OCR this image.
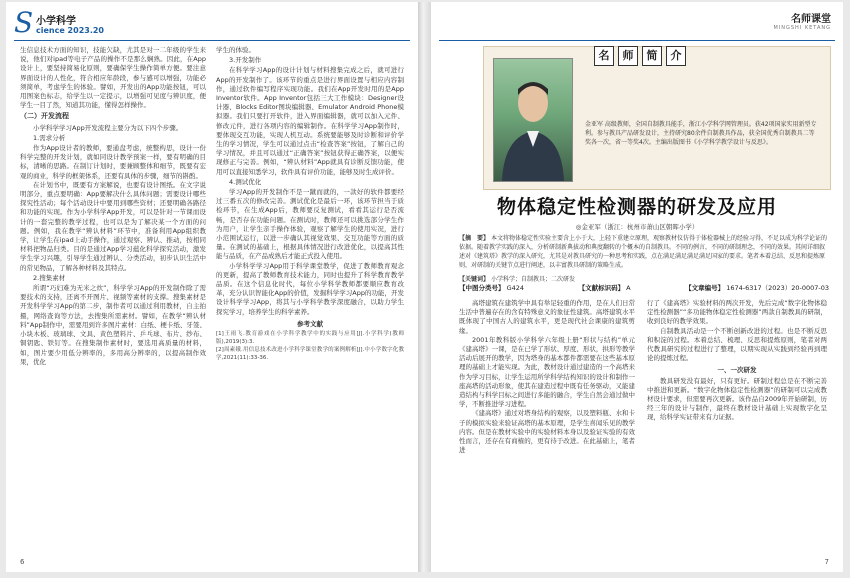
S 小学科学
cience 2023.20

生信息技术方面的知识，技能欠缺，尤其是对一二年级的学生来说，他们对ipad等电子产品的操作不是那么娴熟。因此，在App设计上，要坚持简易化原则，要确保学生操作简单方便。要注意界面设计的人性化，符合相应年龄段，参与感可以增强，功能必须简单，考虑学生的体验。譬如，开发出的App功能按钮，可以用图案色标志，给学生以一定提示，以增强可见度与辨识度，便学生一目了然，知道其功能，懂得怎样操作。

（二）开发流程

小学科学学习App开发流程主要分为以下四个步骤。

1.需求分析

作为App设计者的教师，要通盘考虑，统整构思，设计一份科学完整的开发计划，就如同设计教学预案一样，要有明确的目标，清晰的思路。在制订计划时，要兼顾整体和细节，既要有宏观的商业，科学的框架体系，还要有具体的步骤，细节的斟酌。

在计划书中，既要有方案解说，也要有设计图纸。在文字说明部分，重点要明确：App要解决什么具体问题；需要设计哪些探究性活动；每个活动设计中要用到哪些资材；还要明确各路径和功能的实现。作为小学科学App开发，可以是针对一节课而设计的一套完整的教学过程，也可以是为了解决某一个方面的问题。例如，我在教学“辨认材料”环节中，准备利用App组织教学，让学生在ipad上动手操作，通过观察、辨认、推动，按相同材料把物品归类。目的是通过App学习蕴化科学探究活动，激发学生学习兴趣，引导学生通过辨认、分类活动，初步认识生活中的常见物品，了解各种材料及其特点。

2.搜集素材

所谓“巧妇难为无米之炊”，科学学习App的开发制作除了需要技术的支持，还离不开图片、视频等素材的支撑。搜集素材是开发科学学习App的第二步，制作者可以通过利用教材，自主拍摄，网络查询等方法，去搜集所需素材。譬如，在教学“辨认材料”App制作中，需要用到许多图片素材：白纸、梗卡纸、牙签、小块木板、玻璃球、文具、黄色塑料片、乒乓球、布片、纱布、铜钥匙、铁钉等。在搜集制作素材时，要选用高质量的材料，如，图片要少用低分辨率的，多用高分辨率的，以提高制作效果，优化

学生的体验。

3.开发制作

在科学学习App的设计计划与材料搜集完成之后，就可进行App的开发制作了。该环节的重点是进行界面设置与相应内容制作，通过软件编写程序实现功能。我们在App开发时用的是App Inventor软件。App Inventor包括三大工作模块：Designer设计器、Blocks Editor图块编辑器、Emulator Android Phone模拟器。我们只要打开软件，进入界面编辑器，就可以加入元件、修改元件，进行各项内容的编辑制作。在科学学习App制作时，要体现交互功能，实现人机互动。系统要能够及时诊断和评价学生的学习情况，学生可以通过点击“检查答案”按钮，了解自己的学习情况，并且可以通过“正确答案”按钮获得正确答案，以便实现修正与完善。例如，“辨认材料”App就具有诊断反馈功能，使用可以直接知悉学习，软件具有评价功能，能够及时生成评价。

4.测试优化

学习App的开发制作不是一蹴而就的，一款好的软件都要经过三番五次的修改完善。测试优化是最后一环，该环节担当于质检环节，在生成App后，教师要反复测试，看看其运行是否流畅，是否存在功能问题。在测试时，教师还可以挑选部分学生作为用户，让学生亲手操作体验，观察了解学生的使用实况，进行小范围试运行，以进一步确认其视觉效果、交互功能等方面的质量。在测试的基础上，根据具体情况进行改进优化，以提高其性能与品质，在产品成熟后才能正式投入使用。

小学科学学习App用于科学课堂教学，促进了教师教育观念的更新，提高了教师教育技术能力，同时也提升了科学教育教学品质。在这个信息化时代，每位小学科学教师都要顺应教育改革，充分认识智能化App的价值，发掘科学学习App的功能，开发设计科学学习App，将其与小学科学教学深度融合，以助力学生探究学习，培养学生的科学素养。

参考文献
[1]王雨飞.教育游戏在小学科学教学中的实践与应用[J].小学科学(教师版),2019(3):3.
[2]周素娥.用信息技术改进小学科学课堂教学的案例解析[J].中小学数字化教学,2021(11):33-36.
6
名师课堂
MINGSHI KETANG
名	师	简	介
金亚军 高级教师，全国自制教具能手，浙江小学科学网管理员。获42项国家实用新型专利。参与教具产品研发设计，主持研究80余件自制教具作品，获全国优秀自制教具二等奖各一次，省一等奖4次。主编出版图书《小学科学教学设计与反思》。
物体稳定性检测器的研发及应用
◎金亚军（浙江：杭州市萧山区朝晖小学）
【摘　要】 本文将物体稳定性实验主要含上小于大，上轻下重建立原理，观察教材仪仿得于体检器械上的经验习得，不足以成为科学论证的依据。随着教学实践的深入，分析研制新典拔动和典度翻转的个概本的自制教具。不同的例言，不同的研制理念，不同的效果。其间详细叙述对《建筑塔》教学的深入研究，尤其是对教具研究的一种思考和实践，点在满足满足满足满足国家的要求。笔者本着总结、反思和提炼原则，对研制的关键节点进行阐述，以丰富教具研制的策略生成。
【关键词】 小学科学；自制教具；二次研发
【中图分类号】 G424	【文献标识码】 A	【文章编号】 1674-6317（2023）20-0007-03

高塔建筑在建筑学中具有举足轻重的作用，是在人们日常生活中普遍存在的含有特殊意义的象征性建筑。高塔建筑水平既体现了中国古人的建筑水平，更是现代社会课康的建筑剪缘。

2001年教科版小学科学六年级上册“形状与结构”单元《建高塔》一课，是在已学了形状、厚度、形状，拱形等教学活动后展开的教学，因为塔身的基本都件都需要在这些基本原理的基础上才能实现。为此，教材设计通过建造的一个高塔来作为学习目标，让学生运用所学科学结构知识的设计和制作一座高塔的活动形象，使其在建造过程中既有任务驱动，又能建造结构与科学目标之间进行多能的融合，学生自然会通过做中学，不断推进学习进程。

《建高塔》通过对塔身结构的观察，以及塑料瓶、水和卡子的模拟实验来验证高塔的基本原理，是学生喜闻乐见的教学内容。但是在教材实验中的实验材料本身以及验证实验的有效性而言，还存在有商榷的，更有待于改进。在此基础上，笔者进

行了《建高塔》实验材料的两次开发，先后完成“数字化物体稳定性检测器”“多功能物体稳定性检测器”两款自制教具的研制，收到良好的教学效果。

自制教具活动是一个不断创新改进的过程。也是不断反思和积淀的过程。本着总结、梳理、反思和提炼原则，笔者对两代教具研究的过程进行了整理，以期实现从实践到经验再到理论的提炼过程。

一、一次研发

教具研发没有最好，只有更好。研制过程总是在不断完善中推进和更新。“数字化物体稳定性检测器”的研制可以完成教材设计要求，但需要再次更新。该作品自2009年开始研制，历经三年的设计与制作，最终在教材设计基础上实现数字化呈现，给科学实证带来有力证据。

7
